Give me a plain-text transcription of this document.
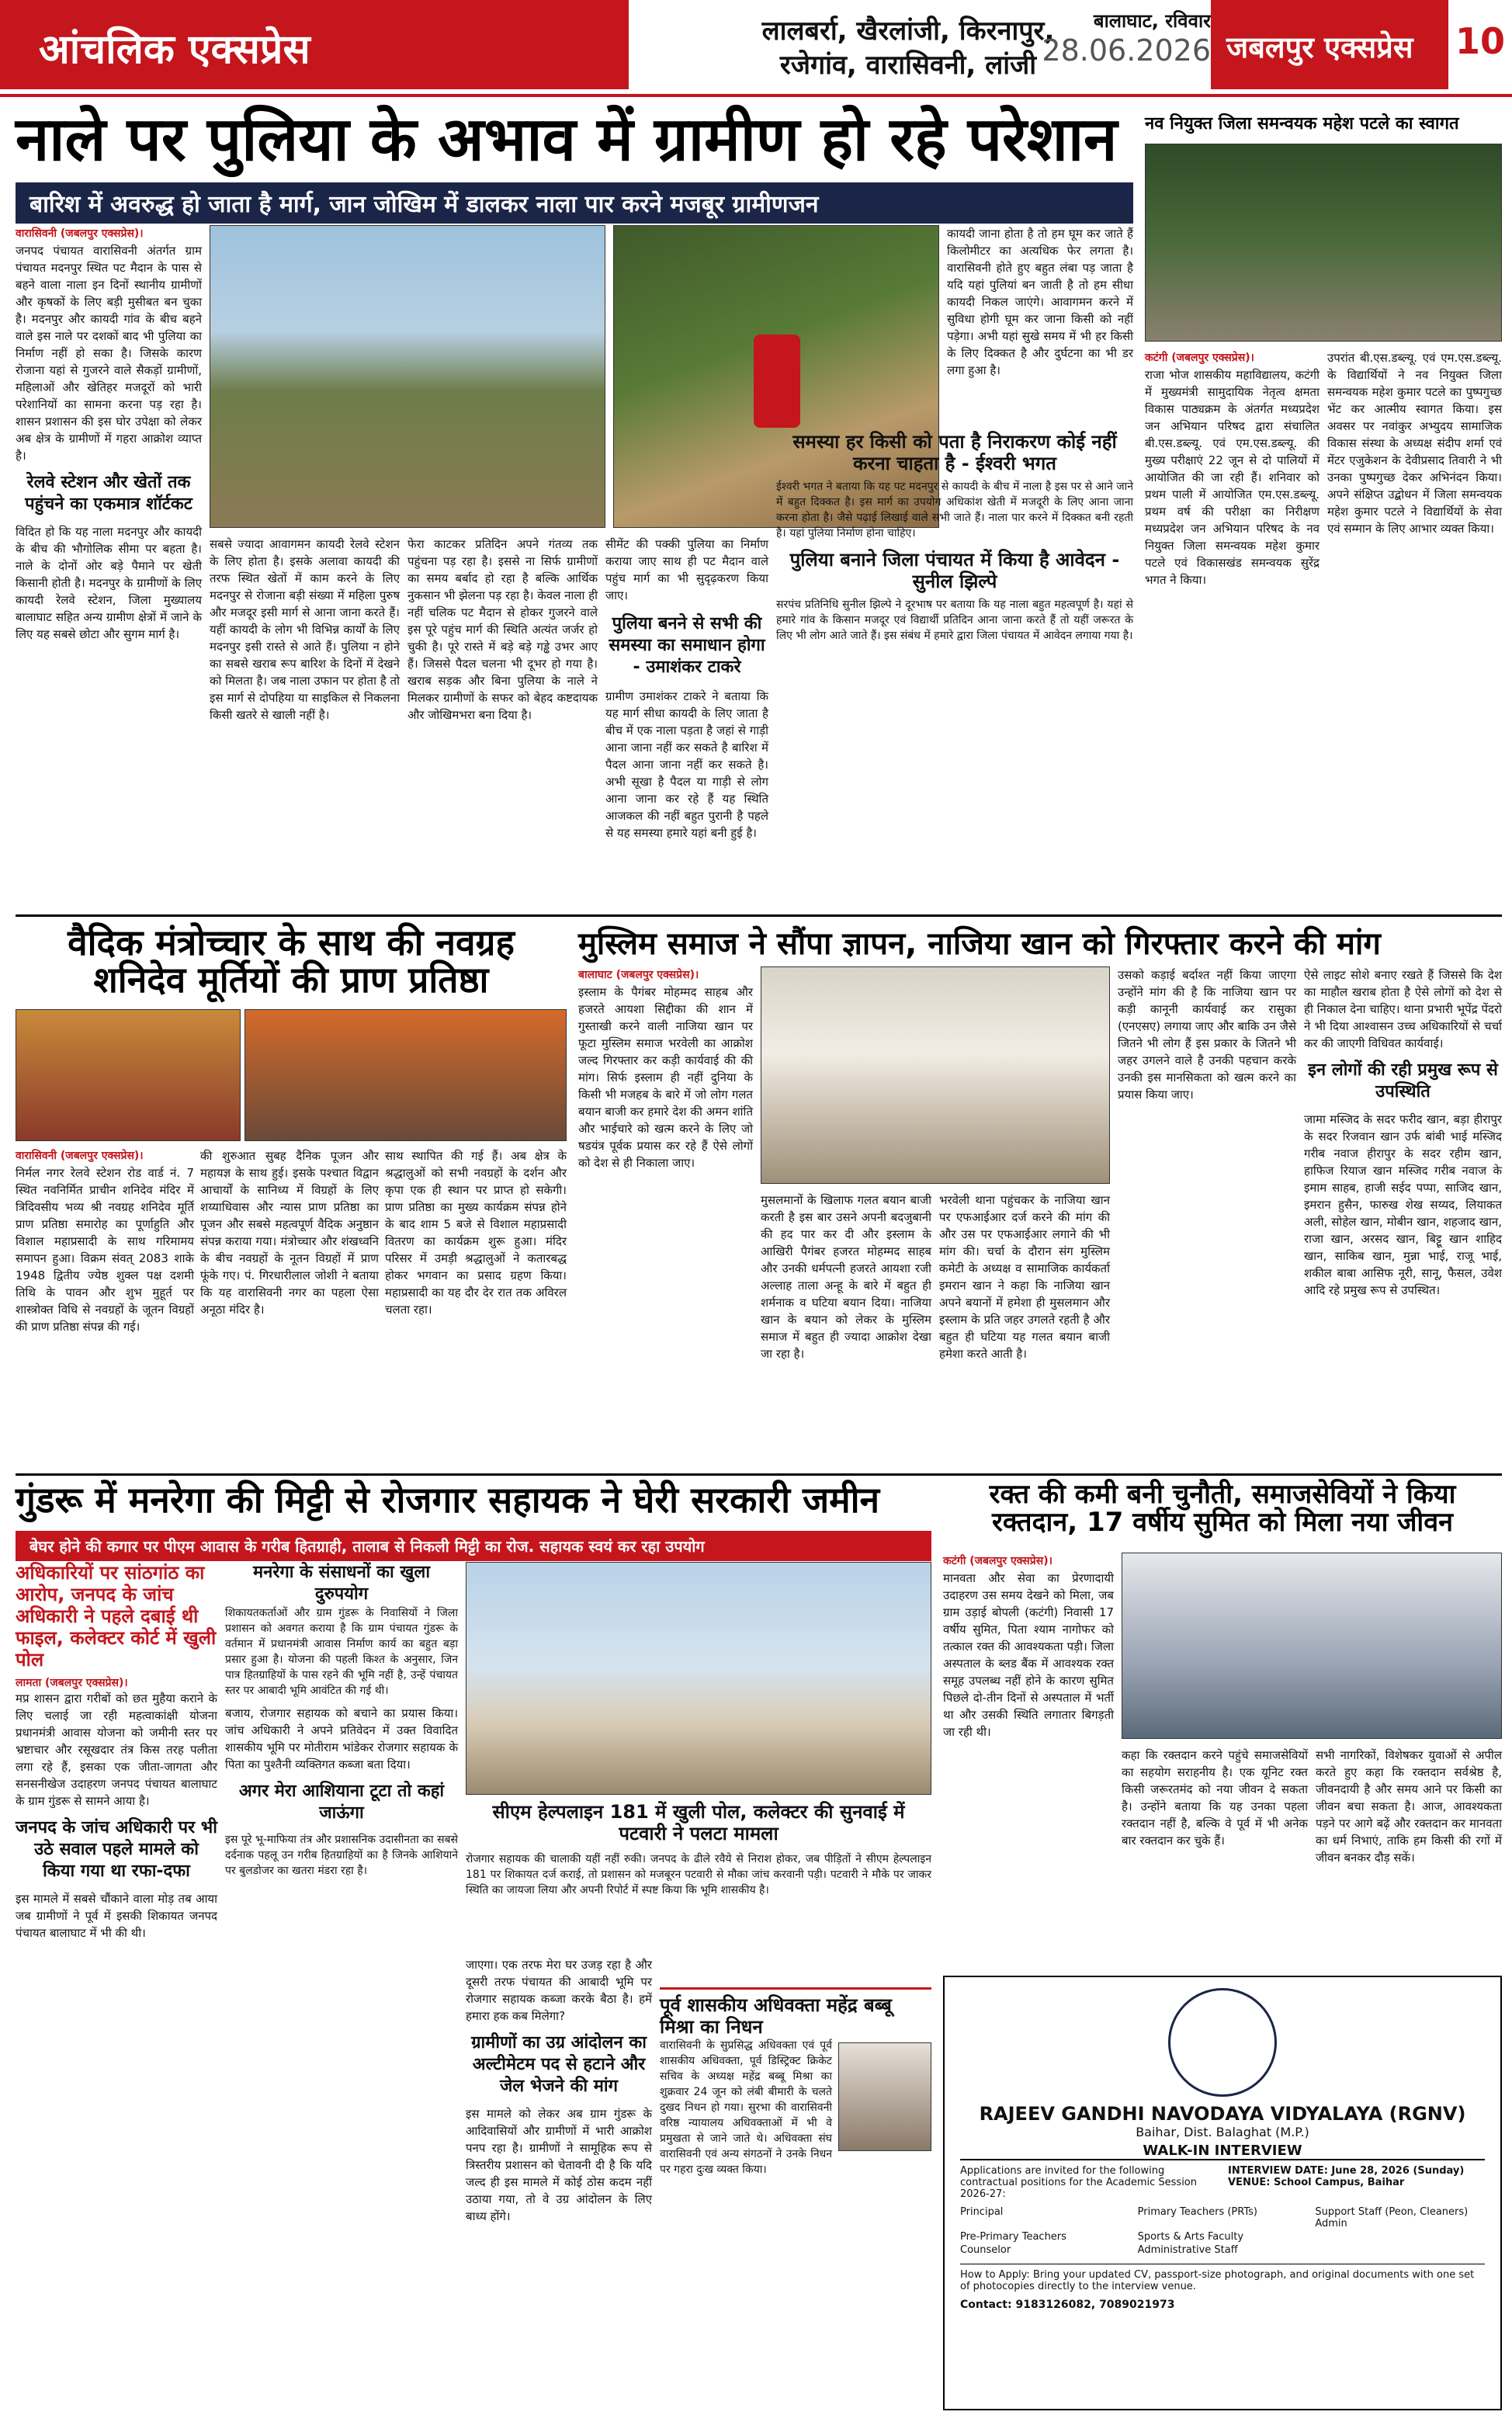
आंचलिक एक्सप्रेस	लालबर्रा, खैरलांजी, किरनापुर,
रजेगांव, वारासिवनी, लांजी
बालाघाट, रविवार
28.06.2026 जबलपुर एक्सप्रेस 10
नाले पर पुलिया के अभाव में ग्रामीण हो रहे परेशान
बारिश में अवरुद्ध हो जाता है मार्ग, जान जोखिम में डालकर नाला पार करने मजबूर ग्रामीणजन
वारासिवनी (जबलपुर एक्सप्रेस)।

जनपद पंचायत वारासिवनी अंतर्गत ग्राम पंचायत मदनपुर स्थित पट मैदान के पास से बहने वाला नाला इन दिनों स्थानीय ग्रामीणों और कृषकों के लिए बड़ी मुसीबत बन चुका है। मदनपुर और कायदी गांव के बीच बहने वाले इस नाले पर दशकों बाद भी पुलिया का निर्माण नहीं हो सका है। जिसके कारण रोजाना यहां से गुजरने वाले सैकड़ों ग्रामीणों, महिलाओं और खेतिहर मजदूरों को भारी परेशानियों का सामना करना पड़ रहा है। शासन प्रशासन की इस घोर उपेक्षा को लेकर अब क्षेत्र के ग्रामीणों में गहरा आक्रोश व्याप्त है।

रेलवे स्टेशन और खेतों तक पहुंचने का एकमात्र शॉर्टकट

विदित हो कि यह नाला मदनपुर और कायदी के बीच की भौगोलिक सीमा पर बहता है। नाले के दोनों ओर बड़े पैमाने पर खेती किसानी होती है। मदनपुर के ग्रामीणों के लिए कायदी रेलवे स्टेशन, जिला मुख्यालय बालाघाट सहित अन्य ग्रामीण क्षेत्रों में जाने के लिए यह सबसे छोटा और सुगम मार्ग है।

सबसे ज्यादा आवागमन कायदी रेलवे स्टेशन के लिए होता है। इसके अलावा कायदी की तरफ स्थित खेतों में काम करने के लिए मदनपुर से रोजाना बड़ी संख्या में महिला पुरुष और मजदूर इसी मार्ग से आना जाना करते हैं। यहीं कायदी के लोग भी विभिन्न कार्यों के लिए मदनपुर इसी रास्ते से आते हैं। पुलिया न होने का सबसे खराब रूप बारिश के दिनों में देखने को मिलता है। जब नाला उफान पर होता है तो इस मार्ग से दोपहिया या साइकिल से निकलना किसी खतरे से खाली नहीं है।
फेरा काटकर प्रतिदिन अपने गंतव्य तक पहुंचना पड़ रहा है। इससे ना सिर्फ ग्रामीणों का समय बर्बाद हो रहा है बल्कि आर्थिक नुकसान भी झेलना पड़ रहा है। केवल नाला ही नहीं चलिक पट मैदान से होकर गुजरने वाले इस पूरे पहुंच मार्ग की स्थिति अत्यंत जर्जर हो चुकी है। पूरे रास्ते में बड़े बड़े गड्ढे उभर आए हैं। जिससे पैदल चलना भी दूभर हो गया है। खराब सड़क और बिना पुलिया के नाले ने मिलकर ग्रामीणों के सफर को बेहद कष्टदायक और जोखिमभरा बना दिया है।

सीमेंट की पक्की पुलिया का निर्माण कराया जाए साथ ही पट मैदान वाले पहुंच मार्ग का भी सुदृढ़करण किया जाए।

पुलिया बनने से सभी की समस्या का समाधान होगा - उमाशंकर टाकरे

ग्रामीण उमाशंकर टाकरे ने बताया कि यह मार्ग सीधा कायदी के लिए जाता है बीच में एक नाला पड़ता है जहां से गाड़ी आना जाना नहीं कर सकते है बारिश में पैदल आना जाना नहीं कर सकते है। अभी सूखा है पैदल या गाड़ी से लोग आना जाना कर रहे हैं यह स्थिति आजकल की नहीं बहुत पुरानी है पहले से यह समस्या हमारे यहां बनी हुई है।

कायदी जाना होता है तो हम घूम कर जाते हैं किलोमीटर का अत्यधिक फेर लगता है। वारासिवनी होते हुए बहुत लंबा पड़ जाता है यदि यहां पुलियां बन जाती है तो हम सीधा कायदी निकल जाएंगे। आवागमन करने में सुविधा होगी घूम कर जाना किसी को नहीं पड़ेगा। अभी यहां सुखे समय में भी हर किसी के लिए दिक्कत है और दुर्घटना का भी डर लगा हुआ है।
समस्या हर किसी को पता है निराकरण कोई नहीं करना चाहता है - ईश्वरी भगत

ईश्वरी भगत ने बताया कि यह पट मदनपुर से कायदी के बीच में नाला है इस पर से आने जाने में बहुत दिक्कत है। इस मार्ग का उपयोग अधिकांश खेती में मजदूरी के लिए आना जाना करना होता है। जैसे पढ़ाई लिखाई वाले सभी जाते हैं। नाला पार करने में दिक्कत बनी रहती है। यहां पुलिया निर्माण होना चाहिए।

पुलिया बनाने जिला पंचायत में किया है आवेदन - सुनील झिल्पे

सरपंच प्रतिनिधि सुनील झिल्पे ने दूरभाष पर बताया कि यह नाला बहुत महत्वपूर्ण है। यहां से हमारे गांव के किसान मजदूर एवं विद्यार्थी प्रतिदिन आना जाना करते हैं तो यहीं जरूरत के लिए भी लोग आते जाते हैं। इस संबंध में हमारे द्वारा जिला पंचायत में आवेदन लगाया गया है।

नव नियुक्त जिला समन्वयक महेश पटले का स्वागत
कटंगी (जबलपुर एक्सप्रेस)।

राजा भोज शासकीय महाविद्यालय, कटंगी में मुख्यमंत्री सामुदायिक नेतृत्व क्षमता विकास पाठ्यक्रम के अंतर्गत मध्यप्रदेश जन अभियान परिषद द्वारा संचालित बी.एस.डब्ल्यू. एवं एम.एस.डब्ल्यू. की मुख्य परीक्षाएं 22 जून से दो पालियों में आयोजित की जा रही हैं। शनिवार को प्रथम पाली में आयोजित एम.एस.डब्ल्यू. प्रथम वर्ष की परीक्षा का निरीक्षण मध्यप्रदेश जन अभियान परिषद के नव नियुक्त जिला समन्वयक महेश कुमार पटले एवं विकासखंड समन्वयक सुरेंद्र भगत ने किया।

उपरांत बी.एस.डब्ल्यू. एवं एम.एस.डब्ल्यू. के विद्यार्थियों ने नव नियुक्त जिला समन्वयक महेश कुमार पटले का पुष्पगुच्छ भेंट कर आत्मीय स्वागत किया। इस अवसर पर नवांकुर अभ्युदय सामाजिक विकास संस्था के अध्यक्ष संदीप शर्मा एवं मेंटर एजुकेशन के देवीप्रसाद तिवारी ने भी उनका पुष्पगुच्छ देकर अभिनंदन किया। अपने संक्षिप्त उद्बोधन में जिला समन्वयक महेश कुमार पटले ने विद्यार्थियों के सेवा एवं सम्मान के लिए आभार व्यक्त किया।
वैदिक मंत्रोच्चार के साथ की नवग्रह
शनिदेव मूर्तियों की प्राण प्रतिष्ठा
वारासिवनी (जबलपुर एक्सप्रेस)।

निर्मल नगर रेलवे स्टेशन रोड वार्ड नं. 7 स्थित नवनिर्मित प्राचीन शनिदेव मंदिर में त्रिदिवसीय भव्य श्री नवग्रह शनिदेव मूर्ति प्राण प्रतिष्ठा समारोह का पूर्णाहुति और विशाल महाप्रसादी के साथ गरिमामय समापन हुआ। विक्रम संवत् 2083 शाके 1948 द्वितीय ज्येष्ठ शुक्ल पक्ष दशमी तिथि के पावन और शुभ मुहूर्त पर शास्त्रोक्त विधि से नवग्रहों के जूतन विग्रहों की प्राण प्रतिष्ठा संपन्न की गई।

की शुरुआत सुबह दैनिक पूजन और महायज्ञ के साथ हुई। इसके पश्चात विद्वान आचार्यों के सानिध्य में विग्रहों के लिए शय्याधिवास और न्यास प्राण प्रतिष्ठा का पूजन और सबसे महत्वपूर्ण वैदिक अनुष्ठान संपन्न कराया गया। मंत्रोच्चार और शंखध्वनि के बीच नवग्रहों के नूतन विग्रहों में प्राण फूंके गए। पं. गिरधारीलाल जोशी ने बताया कि यह वारासिवनी नगर का पहला ऐसा अनूठा मंदिर है।
साथ स्थापित की गई हैं। अब क्षेत्र के श्रद्धालुओं को सभी नवग्रहों के दर्शन और कृपा एक ही स्थान पर प्राप्त हो सकेगी। प्राण प्रतिष्ठा का मुख्य कार्यक्रम संपन्न होने के बाद शाम 5 बजे से विशाल महाप्रसादी वितरण का कार्यक्रम शुरू हुआ। मंदिर परिसर में उमड़ी श्रद्धालुओं ने कतारबद्ध होकर भगवान का प्रसाद ग्रहण किया। महाप्रसादी का यह दौर देर रात तक अविरल चलता रहा।
मुस्लिम समाज ने सौंपा ज्ञापन, नाजिया खान को गिरफ्तार करने की मांग
बालाघाट (जबलपुर एक्सप्रेस)।

इस्लाम के पैगंबर मोहम्मद साहब और हजरते आयशा सिद्दीका की शान में गुस्ताखी करने वाली नाजिया खान पर फूटा मुस्लिम समाज भरवेली का आक्रोश जल्द गिरफ्तार कर कड़ी कार्यवाई की की मांग। सिर्फ इस्लाम ही नहीं दुनिया के किसी भी मजहब के बारे में जो लोग गलत बयान बाजी कर हमारे देश की अमन शांति और भाईचारे को खत्म करने के लिए जो षडयंत्र पूर्वक प्रयास कर रहे हैं ऐसे लोगों को देश से ही निकाला जाए।

मुसलमानों के खिलाफ गलत बयान बाजी करती है इस बार उसने अपनी बदजुबानी की हद पार कर दी और इस्लाम के आखिरी पैगंबर हजरत मोहम्मद साहब और उनकी धर्मपत्नी हजरते आयशा रजी अल्लाह ताला अन्हू के बारे में बहुत ही शर्मनाक व घटिया बयान दिया। नाजिया खान के बयान को लेकर के मुस्लिम समाज में बहुत ही ज्यादा आक्रोश देखा जा रहा है।
भरवेली थाना पहुंचकर के नाजिया खान पर एफआईआर दर्ज करने की मांग की और उस पर एफआईआर लगाने की भी मांग की। चर्चा के दौरान संग मुस्लिम कमेटी के अध्यक्ष व सामाजिक कार्यकर्ता इमरान खान ने कहा कि नाजिया खान अपने बयानों में हमेशा ही मुसलमान और इस्लाम के प्रति जहर उगलते रहती है और बहुत ही घटिया यह गलत बयान बाजी हमेशा करते आती है।
उसको कड़ाई बर्दाश्त नहीं किया जाएगा उन्होंने मांग की है कि नाजिया खान पर कड़ी कानूनी कार्यवाई कर रासुका (एनएसए) लगाया जाए और बाकि उन जैसे जितने भी लोग हैं इस प्रकार के जितने भी जहर उगलने वाले है उनकी पहचान करके उनकी इस मानसिकता को खत्म करने का प्रयास किया जाए।

ऐसे लाइट सोशे बनाए रखते हैं जिससे कि देश का माहौल खराब होता है ऐसे लोगों को देश से ही निकाल देना चाहिए। थाना प्रभारी भूपेंद्र पेंदरो ने भी दिया आश्वासन उच्च अधिकारियों से चर्चा कर की जाएगी विधिवत कार्यवाई।

इन लोगों की रही प्रमुख रूप से उपस्थिति

जामा मस्जिद के सदर फरीद खान, बड़ा हीरापुर के सदर रिजवान खान उर्फ बांबी भाई मस्जिद गरीब नवाज हीरापुर के सदर रहीम खान, हाफिज रियाज खान मस्जिद गरीब नवाज के इमाम साहब, हाजी सईद पप्पा, साजिद खान, इमरान हुसैन, फारुख शेख सय्यद, लियाकत अली, सोहेल खान, मोबीन खान, शहजाद खान, राजा खान, अरसद खान, बिट्टू खान शाहिद खान, साकिब खान, मुन्ना भाई, राजू भाई, शकील बाबा आसिफ नूरी, सानू, फैसल, उवेश आदि रहे प्रमुख रूप से उपस्थित।

गुंडरू में मनरेगा की मिट्टी से रोजगार सहायक ने घेरी सरकारी जमीन
बेघर होने की कगार पर पीएम आवास के गरीब हितग्राही, तालाब से निकली मिट्टी का रोज. सहायक स्वयं कर रहा उपयोग
अधिकारियों पर सांठगांठ का आरोप, जनपद के जांच अधिकारी ने पहले दबाई थी फाइल, कलेक्टर कोर्ट में खुली पोल
लामता (जबलपुर एक्सप्रेस)।

मप्र शासन द्वारा गरीबों को छत मुहैया कराने के लिए चलाई जा रही महत्वाकांक्षी योजना प्रधानमंत्री आवास योजना को जमीनी स्तर पर भ्रष्टाचार और रसूखदार तंत्र किस तरह पलीता लगा रहे हैं, इसका एक जीता-जागता और सनसनीखेज उदाहरण जनपद पंचायत बालाघाट के ग्राम गुंडरू से सामने आया है।

जनपद के जांच अधिकारी पर भी उठे सवाल पहले मामले को किया गया था रफा-दफा

इस मामले में सबसे चौंकाने वाला मोड़ तब आया जब ग्रामीणों ने पूर्व में इसकी शिकायत जनपद पंचायत बालाघाट में भी की थी।

मनरेगा के संसाधनों का खुला दुरुपयोग

शिकायतकर्ताओं और ग्राम गुंडरू के निवासियों ने जिला प्रशासन को अवगत कराया है कि ग्राम पंचायत गुंडरू के वर्तमान में प्रधानमंत्री आवास निर्माण कार्य का बहुत बड़ा प्रसार हुआ है। योजना की पहली किश्त के अनुसार, जिन पात्र हितग्राहियों के पास रहने की भूमि नहीं है, उन्हें पंचायत स्तर पर आबादी भूमि आवंटित की गई थी।

बजाय, रोजगार सहायक को बचाने का प्रयास किया। जांच अधिकारी ने अपने प्रतिवेदन में उक्त विवादित शासकीय भूमि पर मोतीराम भांडेकर रोजगार सहायक के पिता का पुश्तैनी व्यक्तिगत कब्जा बता दिया।

अगर मेरा आशियाना टूटा तो कहां जाऊंगा

इस पूरे भू-माफिया तंत्र और प्रशासनिक उदासीनता का सबसे दर्दनाक पहलू उन गरीब हितग्राहियों का है जिनके आशियाने पर बुलडोजर का खतरा मंडरा रहा है।

सीएम हेल्पलाइन 181 में खुली पोल, कलेक्टर की सुनवाई में पटवारी ने पलटा मामला
रोजगार सहायक की चालाकी यहीं नहीं रुकी। जनपद के ढीले रवैये से निराश होकर, जब पीड़ितों ने सीएम हेल्पलाइन 181 पर शिकायत दर्ज कराई, तो प्रशासन को मजबूरन पटवारी से मौका जांच करवानी पड़ी। पटवारी ने मौके पर जाकर स्थिति का जायजा लिया और अपनी रिपोर्ट में स्पष्ट किया कि भूमि शासकीय है।

जाएगा। एक तरफ मेरा घर उजड़ रहा है और दूसरी तरफ पंचायत की आबादी भूमि पर रोजगार सहायक कब्जा करके बैठा है। हमें हमारा हक कब मिलेगा?

ग्रामीणों का उग्र आंदोलन का अल्टीमेटम पद से हटाने और जेल भेजने की मांग

इस मामले को लेकर अब ग्राम गुंडरू के आदिवासियों और ग्रामीणों में भारी आक्रोश पनप रहा है। ग्रामीणों ने सामूहिक रूप से त्रिस्तरीय प्रशासन को चेतावनी दी है कि यदि जल्द ही इस मामले में कोई ठोस कदम नहीं उठाया गया, तो वे उग्र आंदोलन के लिए बाध्य होंगे।

पूर्व शासकीय अधिवक्ता महेंद्र बब्बू मिश्रा का निधन

वारासिवनी के सुप्रसिद्ध अधिवक्ता एवं पूर्व शासकीय अधिवक्ता, पूर्व डिस्ट्रिक्ट क्रिकेट सचिव के अध्यक्ष महेंद्र बब्बू मिश्रा का शुक्रवार 24 जून को लंबी बीमारी के चलते दुखद निधन हो गया। सुरभा की वारासिवनी वरिष्ठ न्यायालय अधिवक्ताओं में भी वे प्रमुखता से जाने जाते थे। अधिवक्ता संघ वारासिवनी एवं अन्य संगठनों ने उनके निधन पर गहरा दुःख व्यक्त किया।

रक्त की कमी बनी चुनौती, समाजसेवियों ने किया
रक्तदान, 17 वर्षीय सुमित को मिला नया जीवन
कटंगी (जबलपुर एक्सप्रेस)।

मानवता और सेवा का प्रेरणादायी उदाहरण उस समय देखने को मिला, जब ग्राम उड़ाई बोपली (कटंगी) निवासी 17 वर्षीय सुमित, पिता श्याम नागोफर को तत्काल रक्त की आवश्यकता पड़ी। जिला अस्पताल के ब्लड बैंक में आवश्यक रक्त समूह उपलब्ध नहीं होने के कारण सुमित पिछले दो-तीन दिनों से अस्पताल में भर्ती था और उसकी स्थिति लगातार बिगड़ती जा रही थी।

कहा कि रक्तदान करने पहुंचे समाजसेवियों का सहयोग सराहनीय है। एक यूनिट रक्त किसी जरूरतमंद को नया जीवन दे सकता है। उन्होंने बताया कि यह उनका पहला रक्तदान नहीं है, बल्कि वे पूर्व में भी अनेक बार रक्तदान कर चुके हैं।
सभी नागरिकों, विशेषकर युवाओं से अपील करते हुए कहा कि रक्तदान सर्वश्रेष्ठ है, जीवनदायी है और समय आने पर किसी का जीवन बचा सकता है। आज, आवश्यकता पड़ने पर आगे बढ़ें और रक्तदान कर मानवता का धर्म निभाएं, ताकि हम किसी की रगों में जीवन बनकर दौड़ सकें।
RAJEEV GANDHI NAVODAYA VIDYALAYA (RGNV)
Baihar, Dist. Balaghat (M.P.)
WALK-IN INTERVIEW
Applications are invited for the following contractual positions for the Academic Session 2026-27:
INTERVIEW DATE: June 28, 2026 (Sunday)
VENUE: School Campus, Baihar
Principal	Primary Teachers (PRTs)	Support Staff (Peon, Cleaners) Admin
Pre-Primary Teachers	Sports & Arts Faculty
Counselor	Administrative Staff
How to Apply: Bring your updated CV, passport-size photograph, and original documents with one set of photocopies directly to the interview venue.
Contact: 9183126082, 7089021973
